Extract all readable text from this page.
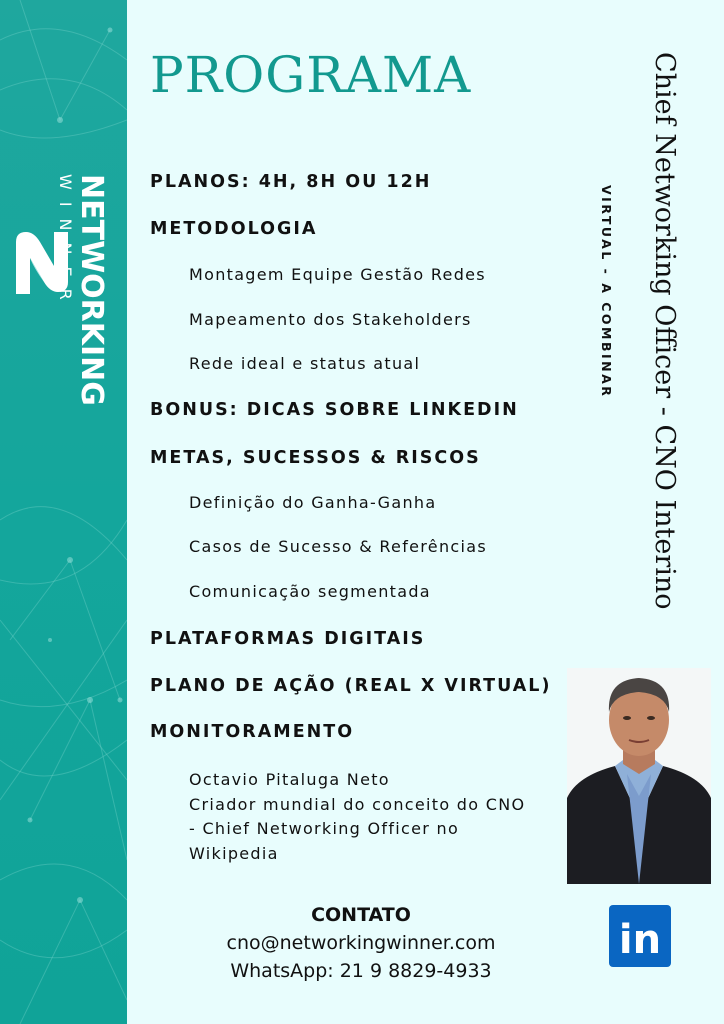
NETWORKING
WINNER
PROGRAMA	Chief Networking Officer - CNO Interino
VIRTUAL - A COMBINAR
PLANOS: 4H, 8H OU 12H
METODOLOGIA
Montagem Equipe Gestão Redes
Mapeamento dos Stakeholders
Rede ideal e status atual
BONUS: DICAS SOBRE LINKEDIN
METAS, SUCESSOS & RISCOS
Definição do Ganha-Ganha
Casos de Sucesso & Referências
Comunicação segmentada
PLATAFORMAS DIGITAIS
PLANO DE AÇÃO (REAL X VIRTUAL)
MONITORAMENTO
Octavio Pitaluga Neto
Criador mundial do conceito do CNO
- Chief Networking Officer no
Wikipedia
CONTATO
cno@networkingwinner.com
WhatsApp: 21 9 8829-4933
in
